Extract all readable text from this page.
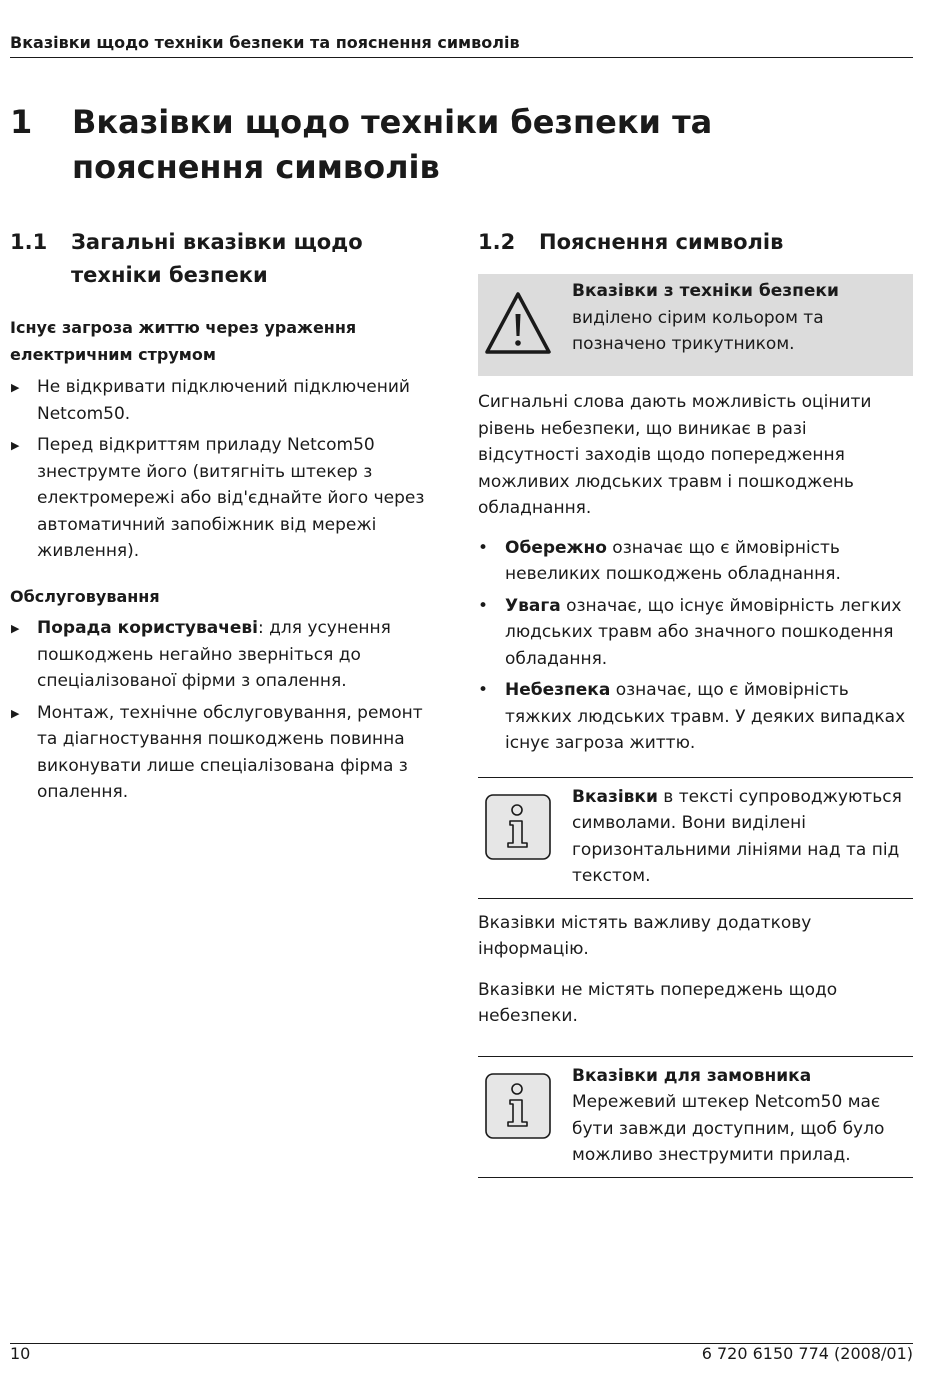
Вказівки щодо техніки безпеки та пояснення символів
1 Вказівки щодо техніки безпеки та пояснення символів
1.1 Загальні вказівки щодо техніки безпеки
Існує загроза життю через ураження електричним струмом
▶ Не відкривати підключений підключений Netcom50.
▶ Перед відкриттям приладу Netcom50 знеструмте його (витягніть штекер з електромережі або від'єднайте його через автоматичний запобіжник від мережі живлення).
Обслуговування
▶ Порада користувачеві: для усунення пошкоджень негайно зверніться до спеціалізованої фірми з опалення.
▶ Монтаж, технічне обслуговування, ремонт та діагностування пошкоджень повинна виконувати лише спеціалізована фірма з опалення.
1.2 Пояснення символів
Вказівки з техніки безпеки
виділено сірим кольором та позначено трикутником.
Сигнальні слова дають можливість оцінити рівень небезпеки, що виникає в разі відсутності заходів щодо попередження можливих людських травм і пошкоджень обладнання.
• Обережно означає що є ймовірність невеликих пошкоджень обладнання.
• Увага означає, що існує ймовірність легких людських травм або значного пошкодення обладання.
• Небезпека означає, що є ймовірність тяжких людських травм. У деяких випадках існує загроза життю.
Вказівки в тексті супроводжуються символами. Вони виділені горизонтальними лініями над та під текстом.
Вказівки містять важливу додаткову інформацію.
Вказівки не містять попереджень щодо небезпеки.
Вказівки для замовника
Мережевий штекер Netcom50 має бути завжди доступним, щоб було можливо знеструмити прилад.
10	6 720 6150 774 (2008/01)
